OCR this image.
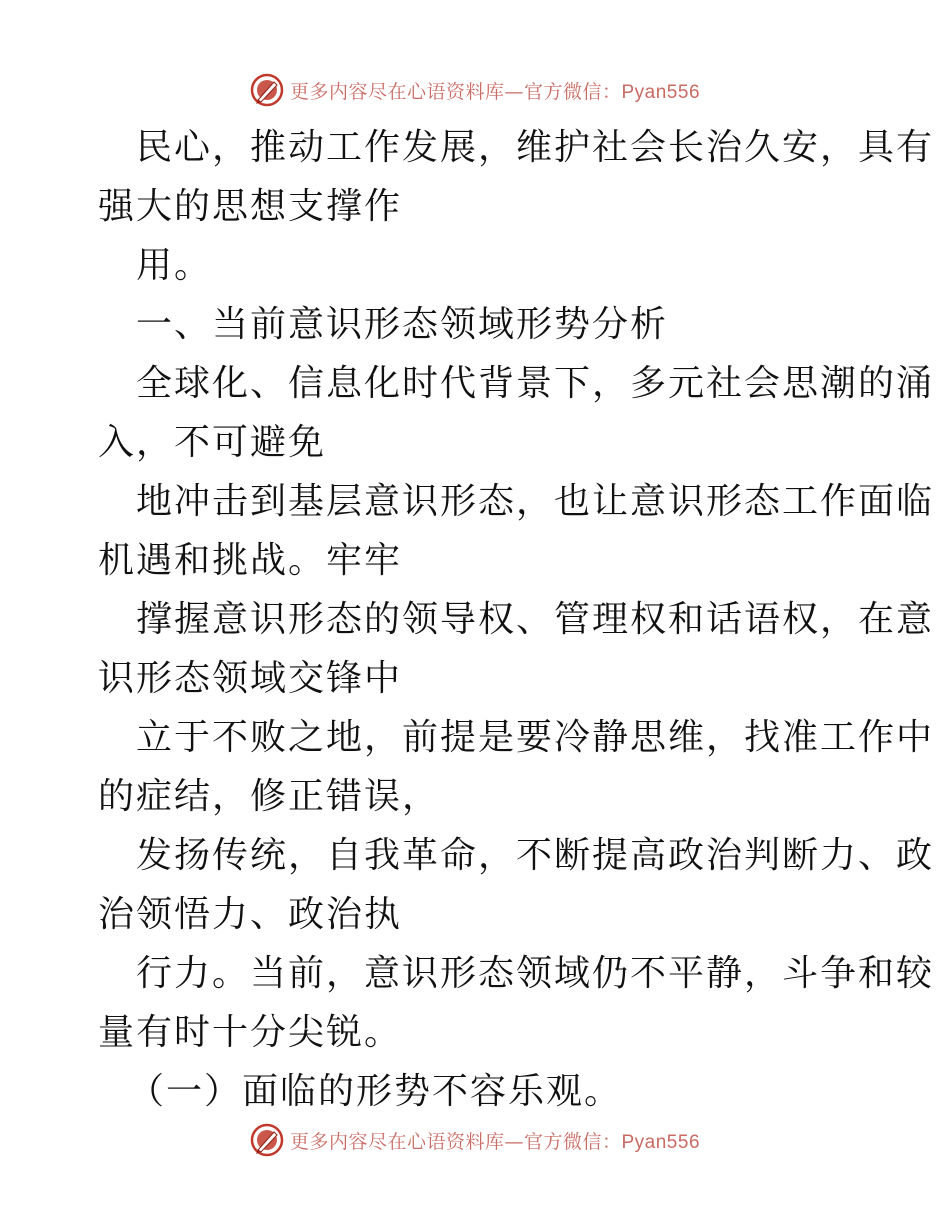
更多内容尽在心语资料库—官方微信：Pyan556
民心，推动工作发展，维护社会长治久安，具有
强大的思想支撑作
用。
一、当前意识形态领域形势分析
全球化、信息化时代背景下，多元社会思潮的涌
入，不可避免
地冲击到基层意识形态，也让意识形态工作面临
机遇和挑战。牢牢
撑握意识形态的领导权、管理权和话语权，在意
识形态领域交锋中
立于不败之地，前提是要冷静思维，找准工作中
的症结，修正错误，
发扬传统，自我革命，不断提高政治判断力、政
治领悟力、政治执
行力。当前，意识形态领域仍不平静，斗争和较
量有时十分尖锐。
（一）面临的形势不容乐观。
更多内容尽在心语资料库—官方微信：Pyan556
